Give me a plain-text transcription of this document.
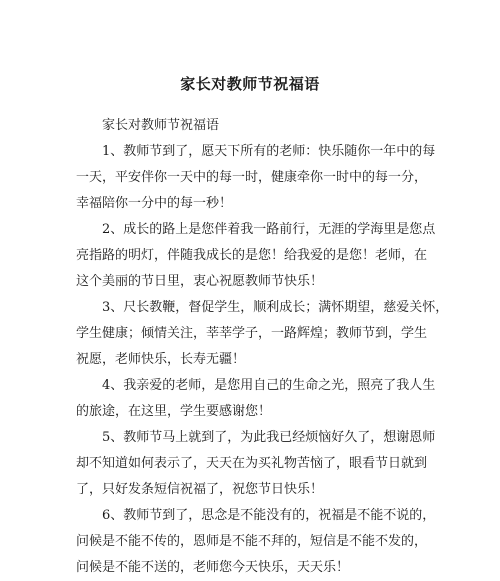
家长对教师节祝福语

家长对教师节祝福语

1、教师节到了，愿天下所有的老师：快乐随你一年中的每
一天，平安伴你一天中的每一时，健康牵你一时中的每一分，
幸福陪你一分中的每一秒！
2、成长的路上是您伴着我一路前行，无涯的学海里是您点
亮指路的明灯，伴随我成长的是您！给我爱的是您！老师，在
这个美丽的节日里，衷心祝愿教师节快乐！
3、尺长教鞭，督促学生，顺利成长；满怀期望，慈爱关怀，
学生健康；倾情关注，莘莘学子，一路辉煌；教师节到，学生
祝愿，老师快乐，长寿无疆！
4、我亲爱的老师，是您用自己的生命之光，照亮了我人生
的旅途，在这里，学生要感谢您！
5、教师节马上就到了，为此我已经烦恼好久了，想谢恩师
却不知道如何表示了，天天在为买礼物苦恼了，眼看节日就到
了，只好发条短信祝福了，祝您节日快乐！
6、教师节到了，思念是不能没有的，祝福是不能不说的，
问候是不能不传的，恩师是不能不拜的，短信是不能不发的，
问候是不能不送的，老师您今天快乐，天天乐！
